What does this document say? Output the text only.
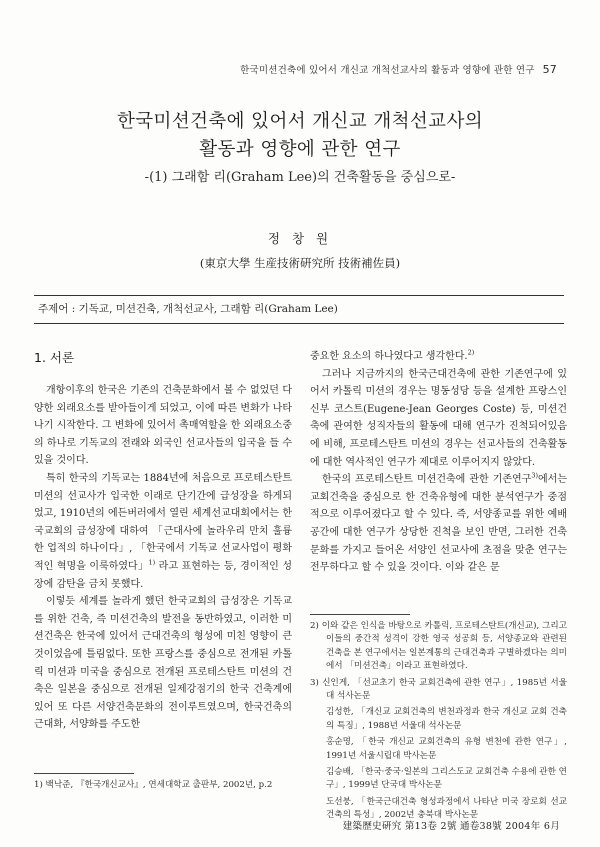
한국미션건축에 있어서 개신교 개척선교사의 활동과 영향에 관한 연구 57
한국미션건축에 있어서 개신교 개척선교사의
활동과 영향에 관한 연구
-(1) 그래함 리(Graham Lee)의 건축활동을 중심으로-
정 창 원
(東京大學 生産技術硏究所 技術補佐員)
주제어 : 기독교, 미션건축, 개척선교사, 그래함 리(Graham Lee)
1. 서론

개항이후의 한국은 기존의 건축문화에서 볼 수 없었던 다양한 외래요소를 받아들이게 되었고, 이에 따른 변화가 나타나기 시작한다. 그 변화에 있어서 촉매역할을 한 외래요소중의 하나로 기독교의 전래와 외국인 선교사들의 입국을 들 수 있을 것이다.

특히 한국의 기독교는 1884년에 처음으로 프로테스탄트 미션의 선교사가 입국한 이래로 단기간에 급성장을 하게되었고, 1910년의 에든버러에서 열린 세계선교대회에서는 한국교회의 급성장에 대하여 「근대사에 놀라우리 만치 훌륭한 업적의 하나이다」, 「한국에서 기독교 선교사업이 평화적인 혁명을 이룩하였다」$^{1)}$ 라고 표현하는 등, 경이적인 성장에 감탄을 금치 못했다.

이렇듯 세계를 놀라게 했던 한국교회의 급성장은 기독교를 위한 건축, 즉 미션건축의 발전을 동반하였고, 이러한 미션건축은 한국에 있어서 근대건축의 형성에 미친 영향이 큰 것이었음에 틀림없다. 또한 프랑스를 중심으로 전개된 카톨릭 미션과 미국을 중심으로 전개된 프로테스탄트 미션의 건축은 일본을 중심으로 전개된 일제강점기의 한국 건축계에 있어 또 다른 서양건축문화의 전이루트였으며, 한국건축의 근대화, 서양화를 주도한

중요한 요소의 하나였다고 생각한다.$^{2)}$

그러나 지금까지의 한국근대건축에 관한 기존연구에 있어서 카톨릭 미션의 경우는 명동성당 등을 설계한 프랑스인 신부 코스트(Eugene-Jean Georges Coste) 등, 미션건축에 관여한 성직자들의 활동에 대해 연구가 진척되어있음에 비해, 프로테스탄트 미션의 경우는 선교사들의 건축활동에 대한 역사적인 연구가 제대로 이루어지지 않았다.

한국의 프로테스탄트 미션건축에 관한 기존연구$^{3)}$에서는 교회건축을 중심으로 한 건축유형에 대한 분석연구가 중점적으로 이루어졌다고 할 수 있다. 즉, 서양종교를 위한 예배공간에 대한 연구가 상당한 진척을 보인 반면, 그러한 건축문화를 가지고 들어온 서양인 선교사에 초점을 맞춘 연구는 전무하다고 할 수 있을 것이다. 이와 같은 문

1) 백낙준, 『한국개신교사』, 연세대학교 출판부, 2002년, p.2
2) 이와 같은 인식을 바탕으로 카톨릭, 프로테스탄트(개신교), 그리고 이들의 중간적 성격이 강한 영국 성공회 등, 서양종교와 관련된 건축을 본 연구에서는 일본계통의 근대건축과 구별하겠다는 의미에서 「미션건축」이라고 표현하였다.
3) 신인게, 「선교초기 한국 교회건축에 관한 연구」, 1985년 서울대 석사논문
김성한, 「개신교 교회건축의 변천과정과 한국 개신교 교회 건축의 특징」, 1988년 서울대 석사논문
홍순명, 「한국 개신교 교회건축의 유형 변천에 관한 연구」, 1991년 서울시립대 박사논문
김승배, 「한국·중국·일본의 그리스도교 교회건축 수용에 관한 연구」, 1999년 단국대 박사논문
도선붕, 「한국근대건축 형성과정에서 나타난 미국 장로회 선교건축의 특성」, 2002년 충북대 박사논문
建築歷史硏究 第13卷 2號 通卷38號 2004年 6月
